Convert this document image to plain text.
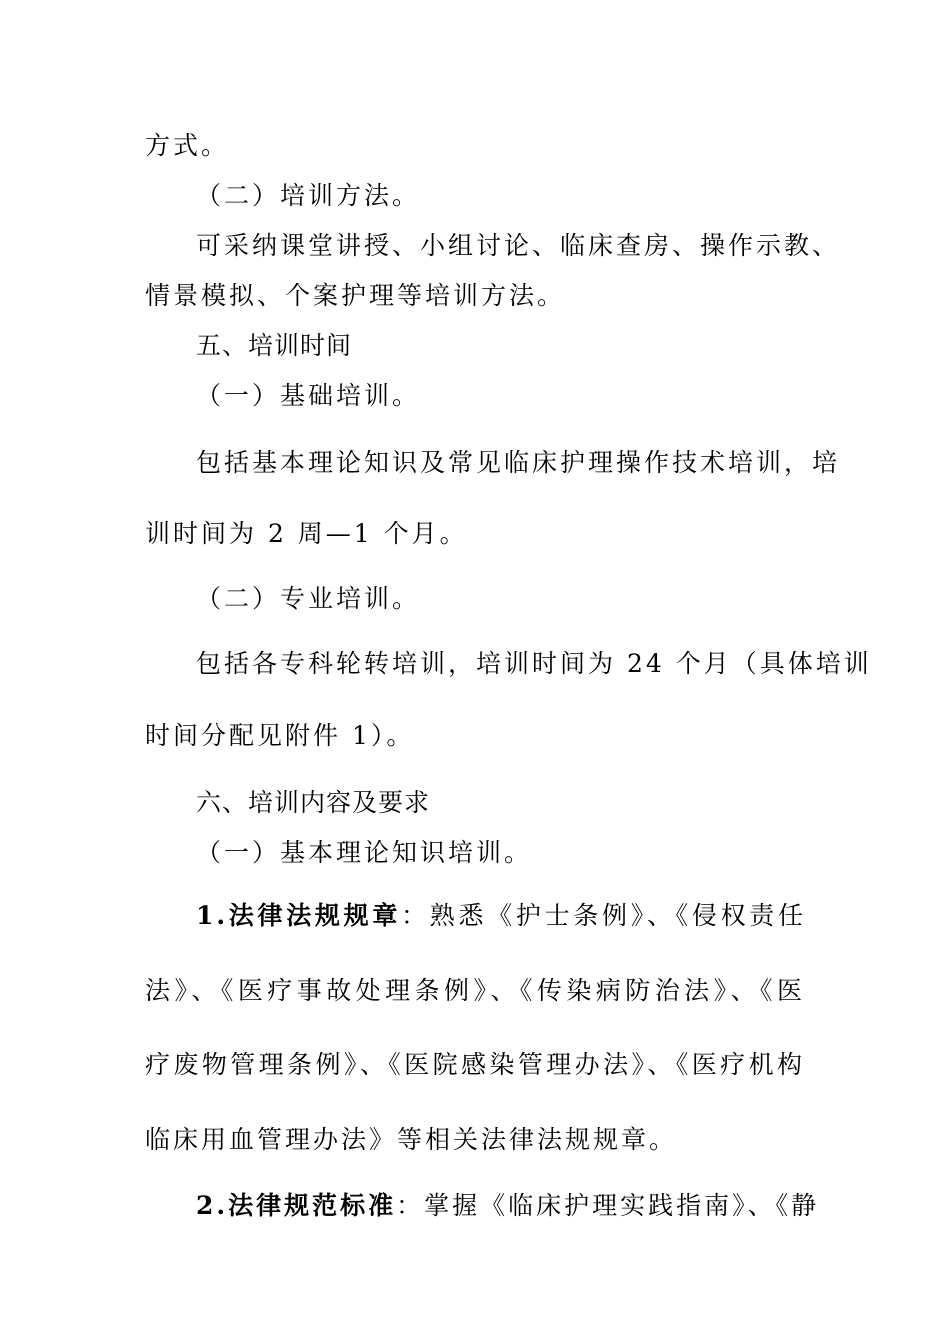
方式。
（二）培训方法。
可采纳课堂讲授、小组讨论、临床查房、操作示教、
情景模拟、个案护理等培训方法。
五、培训时间
（一）基础培训。
包括基本理论知识及常见临床护理操作技术培训，培
训时间为 2 周—1 个月。
（二）专业培训。
包括各专科轮转培训，培训时间为 24 个月（具体培训
时间分配见附件 1）。
六、培训内容及要求
（一）基本理论知识培训。
1.法律法规规章：熟悉《护士条例》、《侵权责任
法》、《医疗事故处理条例》、《传染病防治法》、《医
疗废物管理条例》、《医院感染管理办法》、《医疗机构
临床用血管理办法》等相关法律法规规章。
2.法律规范标准：掌握《临床护理实践指南》、《静
